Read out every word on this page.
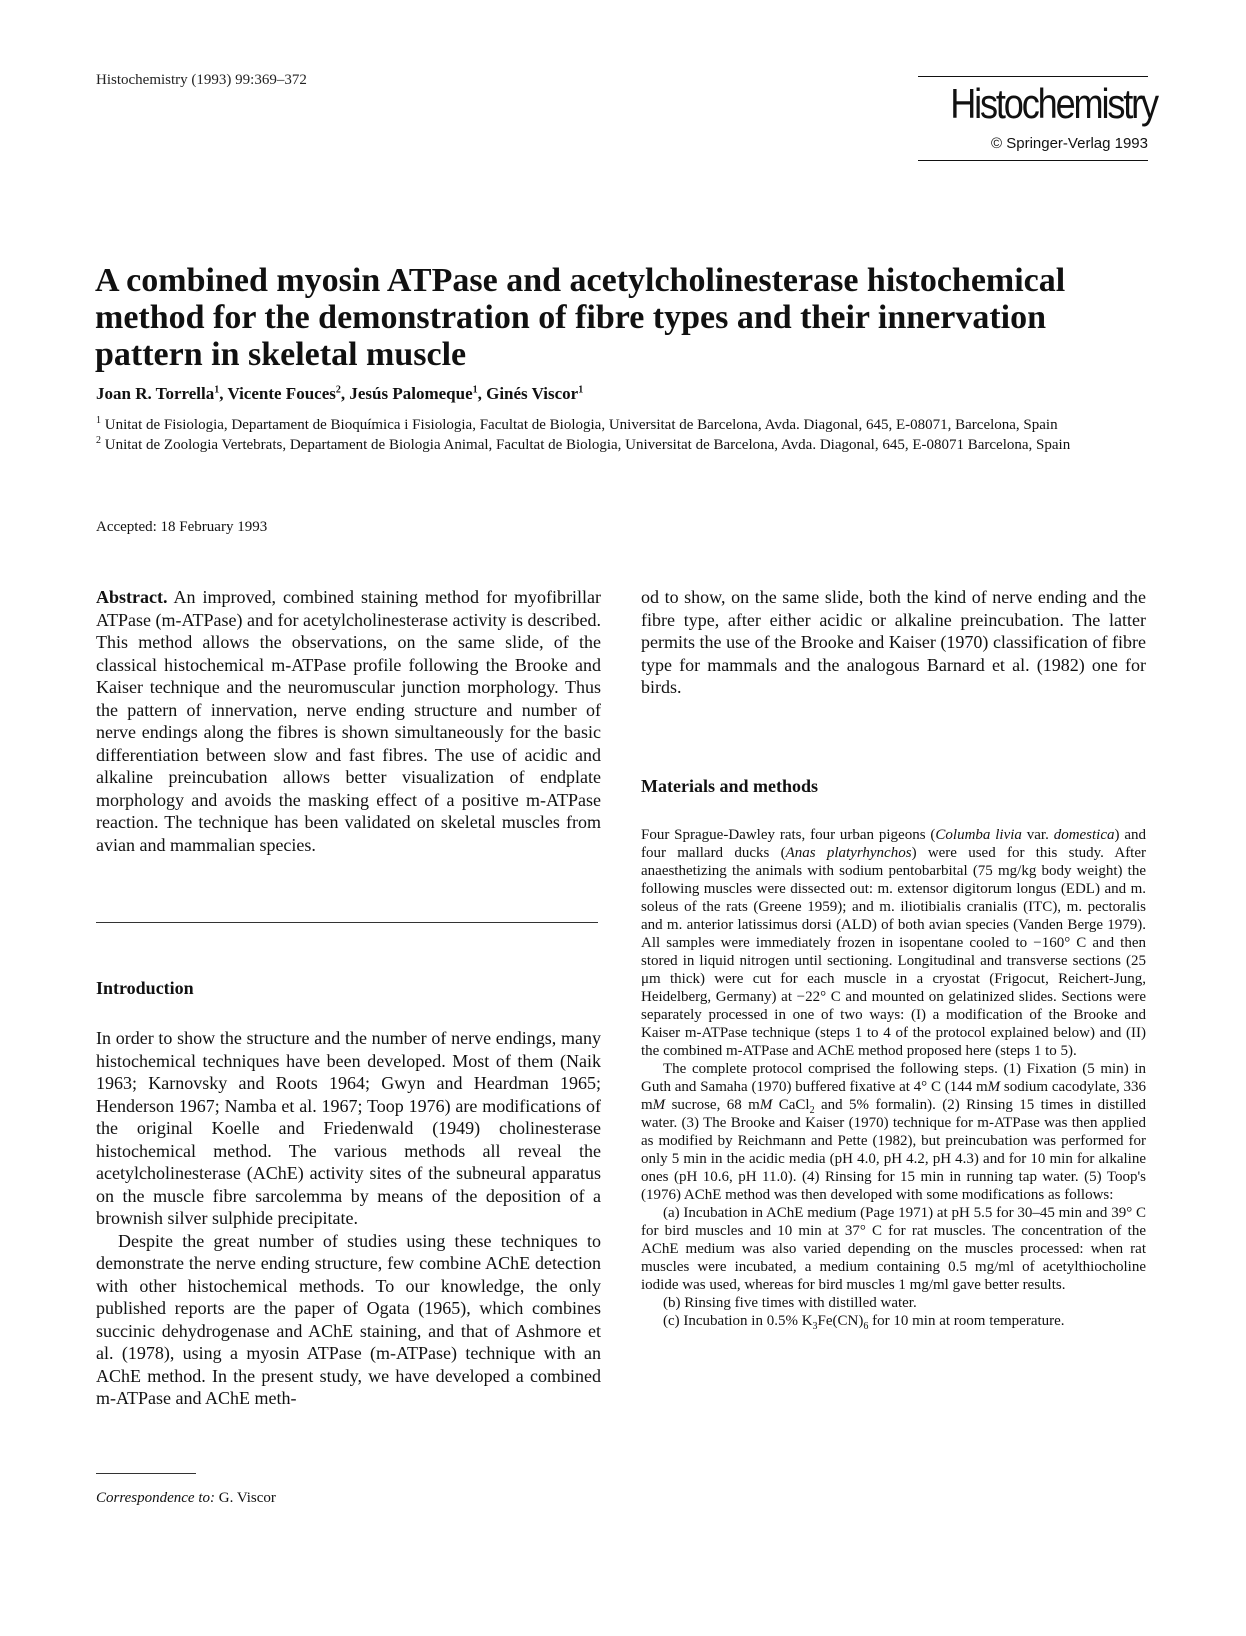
Histochemistry (1993) 99:369–372	Histochemistry
© Springer-Verlag 1993
A combined myosin ATPase and acetylcholinesterase histochemical method for the demonstration of fibre types and their innervation pattern in skeletal muscle
Joan R. Torrella$^1$, Vicente Fouces$^2$, Jesús Palomeque$^1$, Ginés Viscor$^1$

$^1$ Unitat de Fisiologia, Departament de Bioquímica i Fisiologia, Facultat de Biologia, Universitat de Barcelona, Avda. Diagonal, 645, E-08071, Barcelona, Spain

$^2$ Unitat de Zoologia Vertebrats, Departament de Biologia Animal, Facultat de Biologia, Universitat de Barcelona, Avda. Diagonal, 645, E-08071 Barcelona, Spain

Accepted: 18 February 1993

Abstract. An improved, combined staining method for myofibrillar ATPase (m-ATPase) and for acetylcholinesterase activity is described. This method allows the observations, on the same slide, of the classical histochemical m-ATPase profile following the Brooke and Kaiser technique and the neuromuscular junction morphology. Thus the pattern of innervation, nerve ending structure and number of nerve endings along the fibres is shown simultaneously for the basic differentiation between slow and fast fibres. The use of acidic and alkaline preincubation allows better visualization of endplate morphology and avoids the masking effect of a positive m-ATPase reaction. The technique has been validated on skeletal muscles from avian and mammalian species.

Introduction

In order to show the structure and the number of nerve endings, many histochemical techniques have been developed. Most of them (Naik 1963; Karnovsky and Roots 1964; Gwyn and Heardman 1965; Henderson 1967; Namba et al. 1967; Toop 1976) are modifications of the original Koelle and Friedenwald (1949) cholinesterase histochemical method. The various methods all reveal the acetylcholinesterase (AChE) activity sites of the subneural apparatus on the muscle fibre sarcolemma by means of the deposition of a brownish silver sulphide precipitate.

Despite the great number of studies using these techniques to demonstrate the nerve ending structure, few combine AChE detection with other histochemical methods. To our knowledge, the only published reports are the paper of Ogata (1965), which combines succinic dehydrogenase and AChE staining, and that of Ashmore et al. (1978), using a myosin ATPase (m-ATPase) technique with an AChE method. In the present study, we have developed a combined m-ATPase and AChE meth-

Correspondence to: G. Viscor

od to show, on the same slide, both the kind of nerve ending and the fibre type, after either acidic or alkaline preincubation. The latter permits the use of the Brooke and Kaiser (1970) classification of fibre type for mammals and the analogous Barnard et al. (1982) one for birds.

Materials and methods

Four Sprague-Dawley rats, four urban pigeons (Columba livia var. domestica) and four mallard ducks (Anas platyrhynchos) were used for this study. After anaesthetizing the animals with sodium pentobarbital (75 mg/kg body weight) the following muscles were dissected out: m. extensor digitorum longus (EDL) and m. soleus of the rats (Greene 1959); and m. iliotibialis cranialis (ITC), m. pectoralis and m. anterior latissimus dorsi (ALD) of both avian species (Vanden Berge 1979). All samples were immediately frozen in isopentane cooled to −160° C and then stored in liquid nitrogen until sectioning. Longitudinal and transverse sections (25 μm thick) were cut for each muscle in a cryostat (Frigocut, Reichert-Jung, Heidelberg, Germany) at −22° C and mounted on gelatinized slides. Sections were separately processed in one of two ways: (I) a modification of the Brooke and Kaiser m-ATPase technique (steps 1 to 4 of the protocol explained below) and (II) the combined m-ATPase and AChE method proposed here (steps 1 to 5).

The complete protocol comprised the following steps. (1) Fixation (5 min) in Guth and Samaha (1970) buffered fixative at 4° C (144 mM sodium cacodylate, 336 mM sucrose, 68 mM CaCl$_2$ and 5% formalin). (2) Rinsing 15 times in distilled water. (3) The Brooke and Kaiser (1970) technique for m-ATPase was then applied as modified by Reichmann and Pette (1982), but preincubation was performed for only 5 min in the acidic media (pH 4.0, pH 4.2, pH 4.3) and for 10 min for alkaline ones (pH 10.6, pH 11.0). (4) Rinsing for 15 min in running tap water. (5) Toop's (1976) AChE method was then developed with some modifications as follows:

(a) Incubation in AChE medium (Page 1971) at pH 5.5 for 30–45 min and 39° C for bird muscles and 10 min at 37° C for rat muscles. The concentration of the AChE medium was also varied depending on the muscles processed: when rat muscles were incubated, a medium containing 0.5 mg/ml of acetylthiocholine iodide was used, whereas for bird muscles 1 mg/ml gave better results.

(b) Rinsing five times with distilled water.

(c) Incubation in 0.5% $K_3Fe(CN)_6$ for 10 min at room temperature.
